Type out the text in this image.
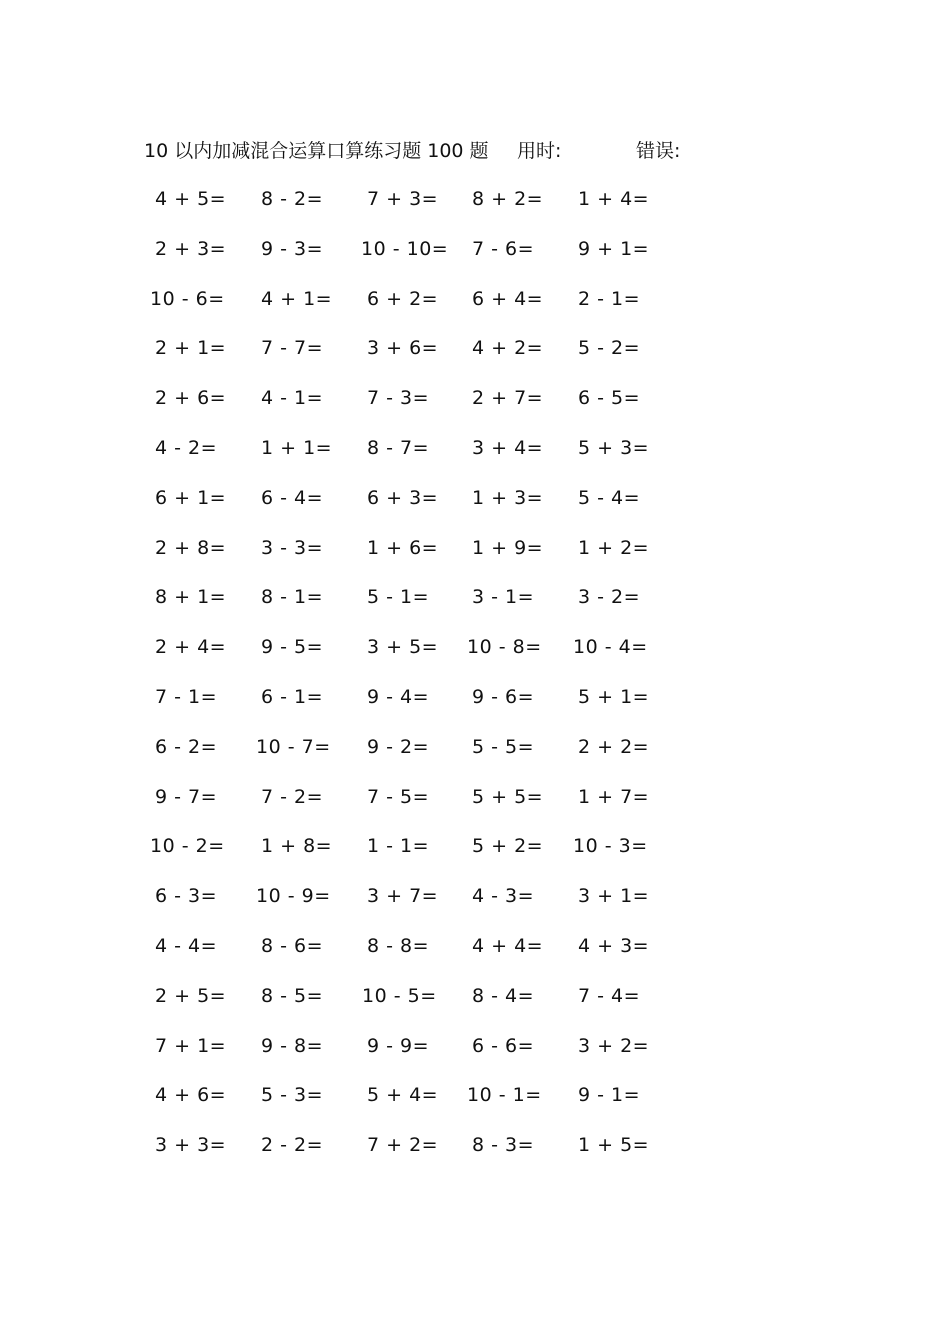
10 以内加减混合运算口算练习题 100 题 用时:	错误:
4 + 5= 8 - 2= 7 + 3= 8 + 2= 1 + 4=
2 + 3= 9 - 3= 10 - 10= 7 - 6= 9 + 1=
10 - 6= 4 + 1= 6 + 2= 6 + 4= 2 - 1=
2 + 1= 7 - 7= 3 + 6= 4 + 2= 5 - 2=
2 + 6= 4 - 1= 7 - 3= 2 + 7= 6 - 5=
4 - 2= 1 + 1= 8 - 7= 3 + 4= 5 + 3=
6 + 1= 6 - 4= 6 + 3= 1 + 3= 5 - 4=
2 + 8= 3 - 3= 1 + 6= 1 + 9= 1 + 2=
8 + 1= 8 - 1= 5 - 1= 3 - 1= 3 - 2=
2 + 4= 9 - 5= 3 + 5= 10 - 8= 10 - 4=
7 - 1= 6 - 1= 9 - 4= 9 - 6= 5 + 1=
6 - 2= 10 - 7= 9 - 2= 5 - 5= 2 + 2=
9 - 7= 7 - 2= 7 - 5= 5 + 5= 1 + 7=
10 - 2= 1 + 8= 1 - 1= 5 + 2= 10 - 3=
6 - 3= 10 - 9= 3 + 7= 4 - 3= 3 + 1=
4 - 4= 8 - 6= 8 - 8= 4 + 4= 4 + 3=
2 + 5= 8 - 5= 10 - 5= 8 - 4= 7 - 4=
7 + 1= 9 - 8= 9 - 9= 6 - 6= 3 + 2=
4 + 6= 5 - 3= 5 + 4= 10 - 1= 9 - 1=
3 + 3= 2 - 2= 7 + 2= 8 - 3= 1 + 5=
